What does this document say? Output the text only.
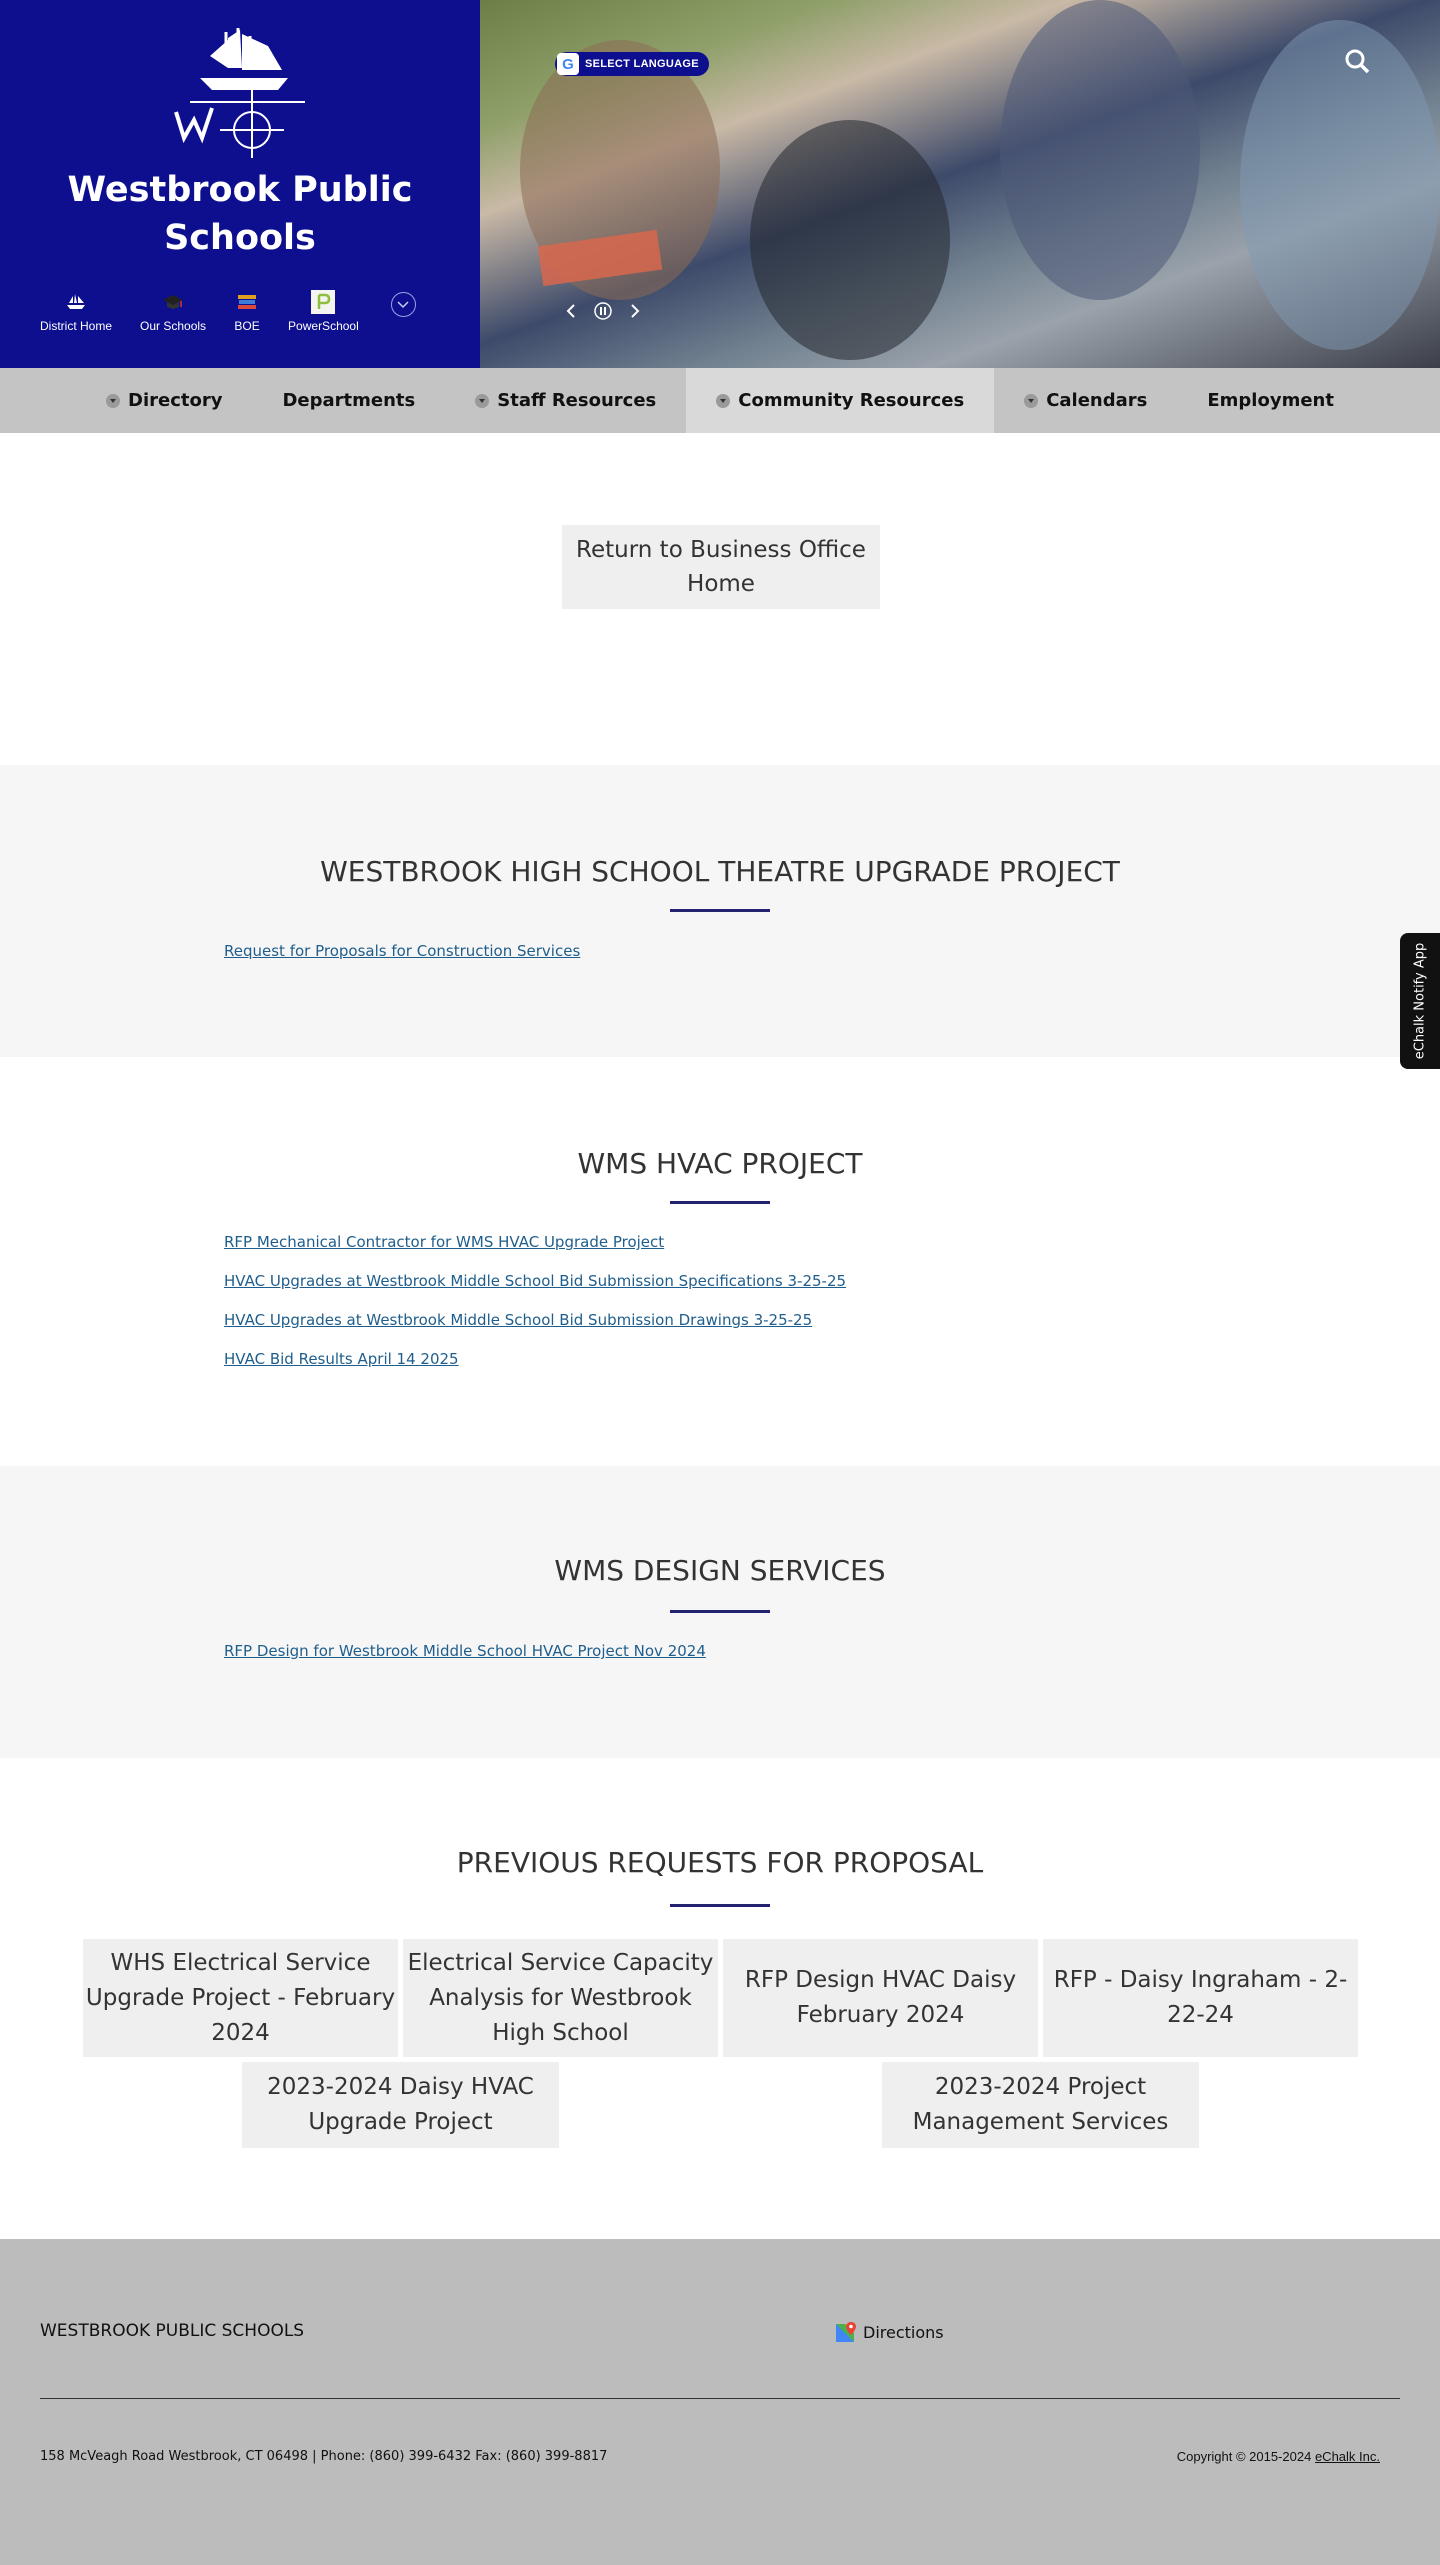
Westbrook Public Schools
District Home Our Schools BOE PowerSchool
G	SELECT LANGUAGE
Directory	Departments	Staff Resources	Community Resources	Calendars	Employment
Return to Business Office Home
WESTBROOK HIGH SCHOOL THEATRE UPGRADE PROJECT
Request for Proposals for Construction Services
WMS HVAC PROJECT
RFP Mechanical Contractor for WMS HVAC Upgrade Project
HVAC Upgrades at Westbrook Middle School Bid Submission Specifications 3-25-25
HVAC Upgrades at Westbrook Middle School Bid Submission Drawings 3-25-25
HVAC Bid Results April 14 2025
WMS DESIGN SERVICES
RFP Design for Westbrook Middle School HVAC Project Nov 2024
PREVIOUS REQUESTS FOR PROPOSAL
WHS Electrical Service Upgrade Project - February 2024
Electrical Service Capacity Analysis for Westbrook High School
RFP Design HVAC Daisy February 2024
RFP - Daisy Ingraham - 2-22-24
2023-2024 Daisy HVAC Upgrade Project
2023-2024 Project Management Services
WESTBROOK PUBLIC SCHOOLS	Directions
158 McVeagh Road Westbrook, CT 06498 | Phone: (860) 399-6432 Fax: (860) 399-8817	Copyright © 2015-2024 eChalk Inc.
eChalk Notify App
